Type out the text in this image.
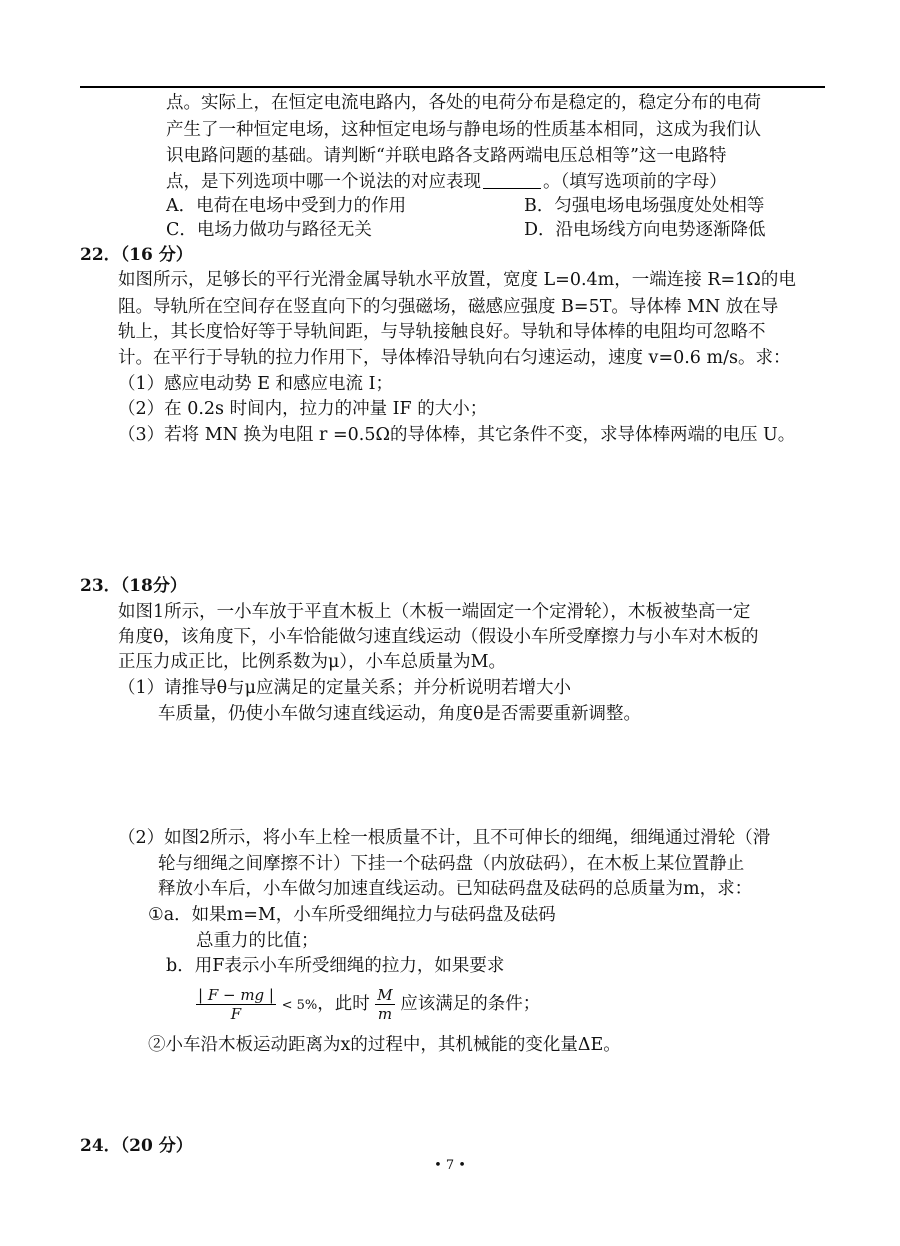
点。实际上，在恒定电流电路内，各处的电荷分布是稳定的，稳定分布的电荷
产生了一种恒定电场，这种恒定电场与静电场的性质基本相同，这成为我们认
识电路问题的基础。请判断“并联电路各支路两端电压总相等”这一电路特
点，是下列选项中哪一个说法的对应表现	。（填写选项前的字母）
A．电荷在电场中受到力的作用	B．匀强电场电场强度处处相等
C．电场力做功与路径无关	D．沿电场线方向电势逐渐降低
22．（16 分）
如图所示，足够长的平行光滑金属导轨水平放置，宽度 L=0.4m，一端连接 R=1Ω的电
阻。导轨所在空间存在竖直向下的匀强磁场，磁感应强度 B=5T。导体棒 MN 放在导
轨上，其长度恰好等于导轨间距，与导轨接触良好。导轨和导体棒的电阻均可忽略不
计。在平行于导轨的拉力作用下，导体棒沿导轨向右匀速运动，速度 v=0.6 m/s。求：
（1）感应电动势 E 和感应电流 I；
（2）在 0.2s 时间内，拉力的冲量 IF 的大小；
（3）若将 MN 换为电阻 r =0.5Ω的导体棒，其它条件不变，求导体棒两端的电压 U。
23．（18分）
如图1所示，一小车放于平直木板上（木板一端固定一个定滑轮），木板被垫高一定
角度θ，该角度下，小车恰能做匀速直线运动（假设小车所受摩擦力与小车对木板的
正压力成正比，比例系数为μ），小车总质量为M。
（1）请推导θ与μ应满足的定量关系；并分析说明若增大小
车质量，仍使小车做匀速直线运动，角度θ是否需要重新调整。
（2）如图2所示，将小车上栓一根质量不计，且不可伸长的细绳，细绳通过滑轮（滑
轮与细绳之间摩擦不计）下挂一个砝码盘（内放砝码），在木板上某位置静止
释放小车后，小车做匀加速直线运动。已知砝码盘及砝码的总质量为m，求：
①a．如果m=M，小车所受细绳拉力与砝码盘及砝码
总重力的比值；
b．用F表示小车所受细绳的拉力，如果要求
$\frac{| F - mg |}{F} < 5\%$，此时 $\frac{M}{m}$ 应该满足的条件；
②小车沿木板运动距离为x的过程中，其机械能的变化量ΔE。
24．（20 分）
• 7 •
